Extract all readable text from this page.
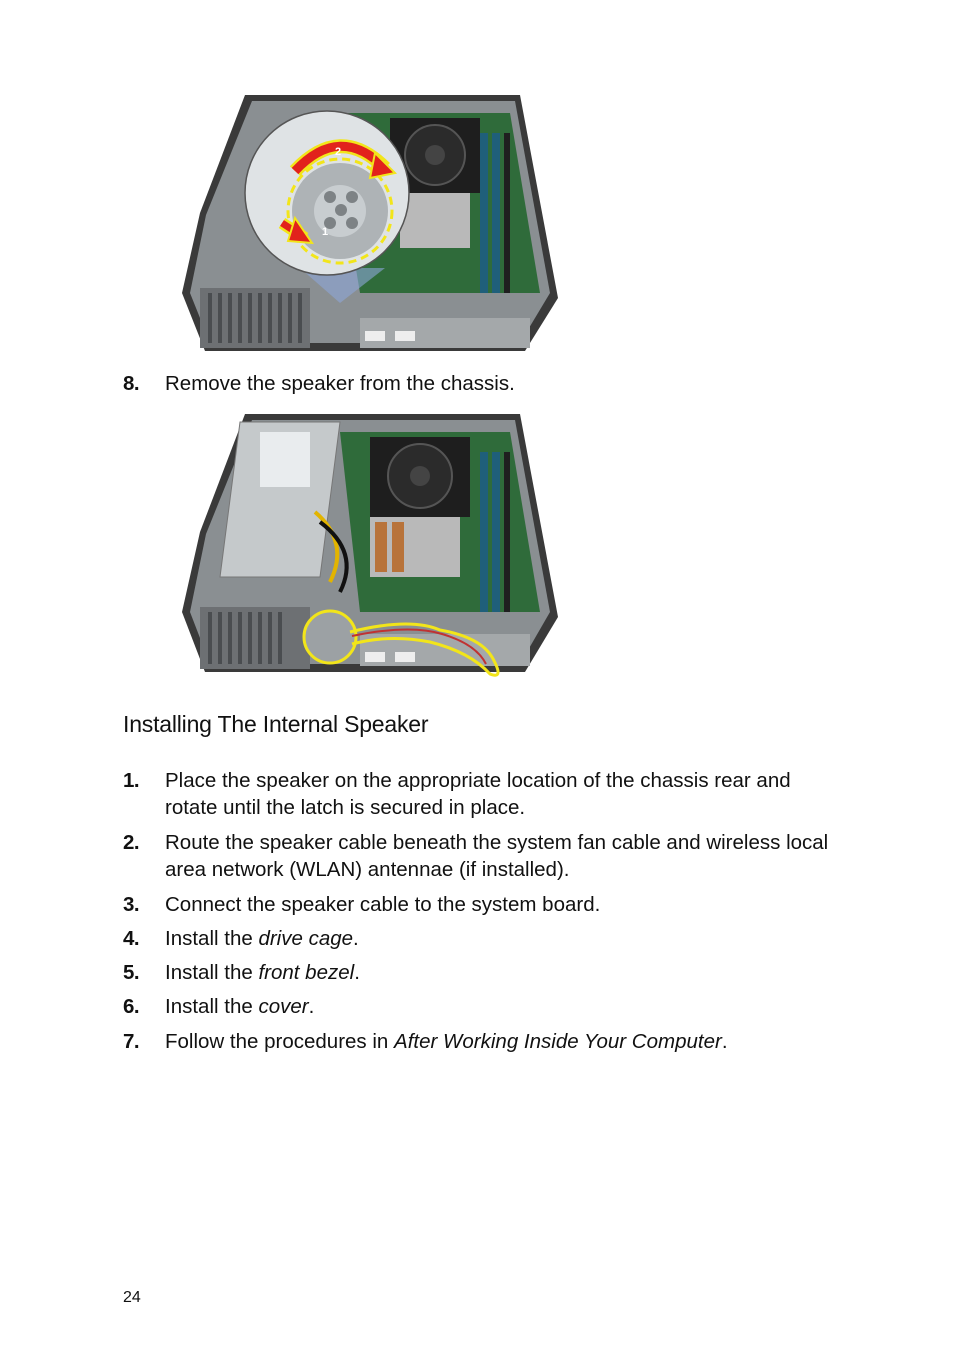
2
1
8. Remove the speaker from the chassis.
Installing The Internal Speaker
1. Place the speaker on the appropriate location of the chassis rear and
rotate until the latch is secured in place.
2. Route the speaker cable beneath the system fan cable and wireless local
area network (WLAN) antennae (if installed).
3. Connect the speaker cable to the system board.
4. Install the drive cage.
5. Install the front bezel.
6. Install the cover.
7. Follow the procedures in After Working Inside Your Computer.
24
